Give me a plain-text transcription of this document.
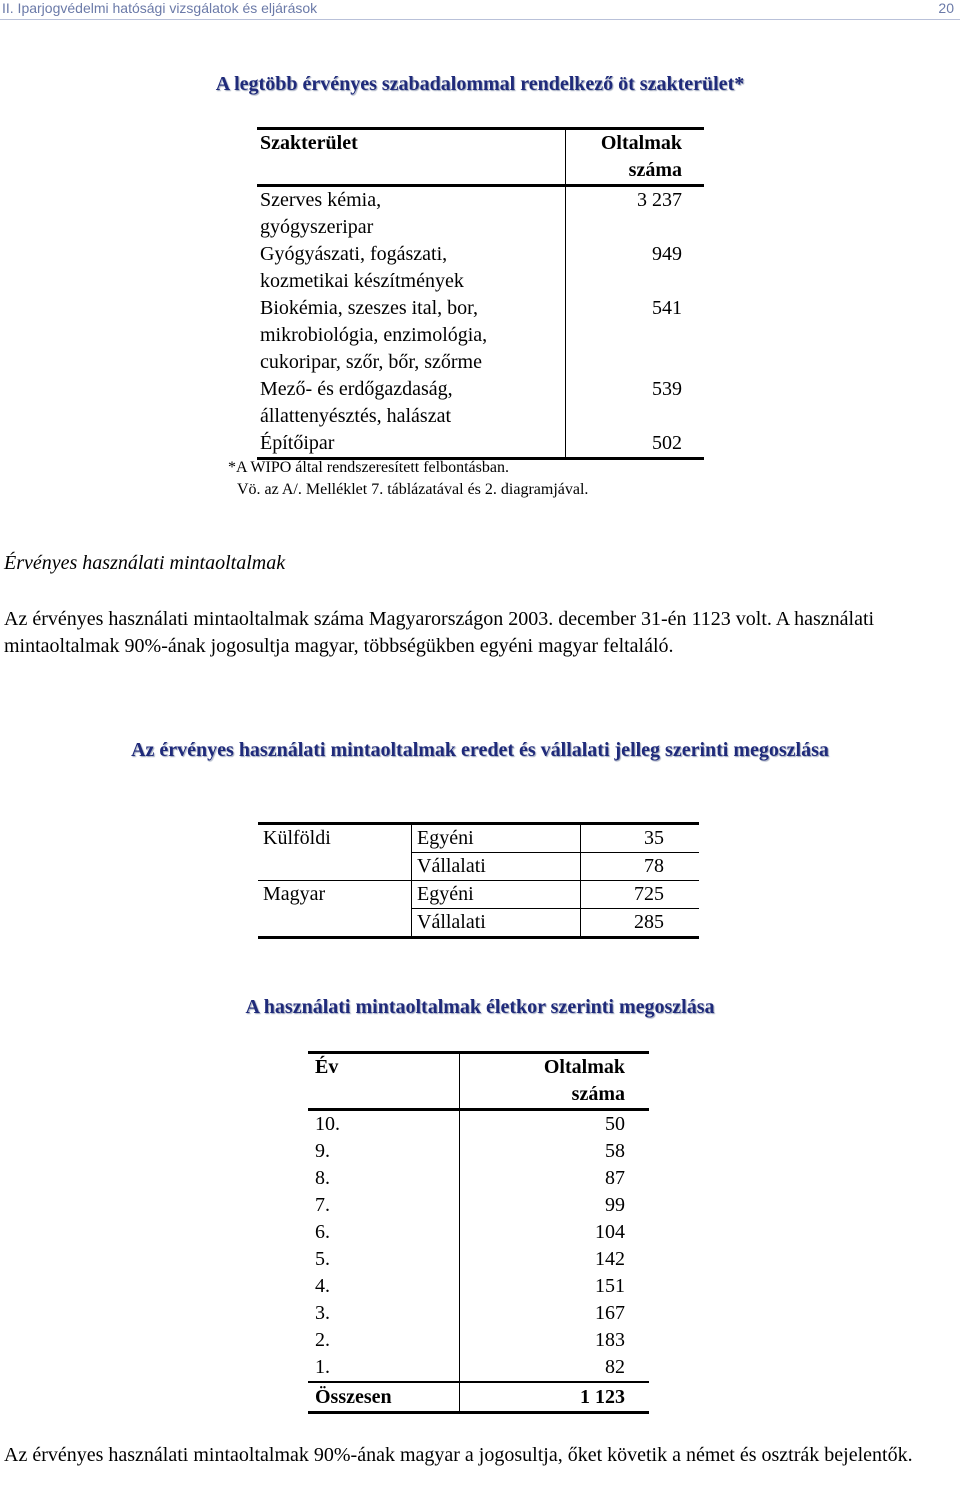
II. Iparjogvédelmi hatósági vizsgálatok és eljárások	20
A legtöbb érvényes szabadalommal rendelkező öt szakterület*
Szakterület	Oltalmak
száma

Szerves kémia,
gyógyszeripar	3 237

Gyógyászati, fogászati,
kozmetikai készítmények	949

Biokémia, szeszes ital, bor,
mikrobiológia, enzimológia,
cukoripar, szőr, bőr, szőrme	541

Mező- és erdőgazdaság,
állattenyésztés, halászat	539

Építőipar	502
*A WIPO által rendszeresített felbontásban.
Vö. az A/. Melléklet 7. táblázatával és 2. diagramjával.
Érvényes használati mintaoltalmak
Az érvényes használati mintaoltalmak száma Magyarországon 2003. december 31-én 1123 volt. A használati mintaoltalmak 90%-ának jogosultja magyar, többségükben egyéni magyar feltaláló.
Az érvényes használati mintaoltalmak eredet és vállalati jelleg szerinti megoszlása
Külföldi	Egyéni	35
	Vállalati	78
Magyar	Egyéni	725
	Vállalati	285
A használati mintaoltalmak életkor szerinti megoszlása
Év	Oltalmak
száma

10.	50
9.	58
8.	87
7.	99
6.	104
5.	142
4.	151
3.	167
2.	183
1.	82
Összesen	1 123
Az érvényes használati mintaoltalmak 90%-ának magyar a jogosultja, őket követik a német és osztrák bejelentők.
